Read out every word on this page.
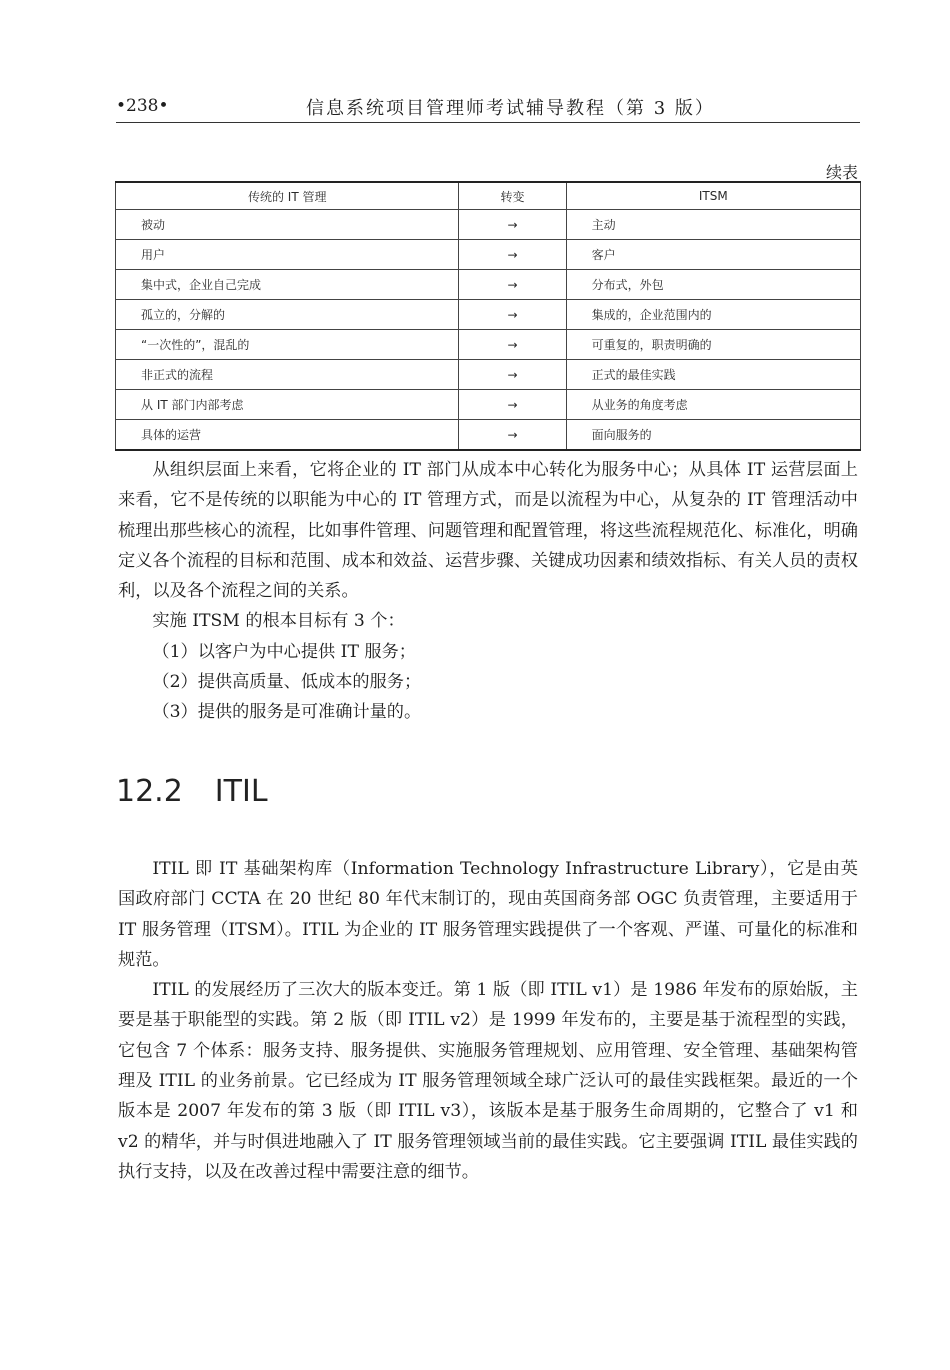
•238•	信息系统项目管理师考试辅导教程（第 3 版）
续表
传统的 IT 管理	转变	ITSM
被动	→	主动
用户	→	客户
集中式，企业自己完成	→	分布式，外包
孤立的，分解的	→	集成的，企业范围内的
“一次性的”，混乱的	→	可重复的，职责明确的
非正式的流程	→	正式的最佳实践
从 IT 部门内部考虑	→	从业务的角度考虑
具体的运营	→	面向服务的

从组织层面上来看，它将企业的 IT 部门从成本中心转化为服务中心；从具体 IT 运营层面上来看，它不是传统的以职能为中心的 IT 管理方式，而是以流程为中心，从复杂的 IT 管理活动中梳理出那些核心的流程，比如事件管理、问题管理和配置管理，将这些流程规范化、标准化，明确定义各个流程的目标和范围、成本和效益、运营步骤、关键成功因素和绩效指标、有关人员的责权利，以及各个流程之间的关系。

实施 ITSM 的根本目标有 3 个：

（1）以客户为中心提供 IT 服务；

（2）提供高质量、低成本的服务；

（3）提供的服务是可准确计量的。

12.2 ITIL

ITIL 即 IT 基础架构库（Information Technology Infrastructure Library），它是由英国政府部门 CCTA 在 20 世纪 80 年代末制订的，现由英国商务部 OGC 负责管理，主要适用于 IT 服务管理（ITSM）。ITIL 为企业的 IT 服务管理实践提供了一个客观、严谨、可量化的标准和规范。

ITIL 的发展经历了三次大的版本变迁。第 1 版（即 ITIL v1）是 1986 年发布的原始版，主要是基于职能型的实践。第 2 版（即 ITIL v2）是 1999 年发布的，主要是基于流程型的实践，它包含 7 个体系：服务支持、服务提供、实施服务管理规划、应用管理、安全管理、基础架构管理及 ITIL 的业务前景。它已经成为 IT 服务管理领域全球广泛认可的最佳实践框架。最近的一个版本是 2007 年发布的第 3 版（即 ITIL v3），该版本是基于服务生命周期的，它整合了 v1 和 v2 的精华，并与时俱进地融入了 IT 服务管理领域当前的最佳实践。它主要强调 ITIL 最佳实践的执行支持，以及在改善过程中需要注意的细节。
